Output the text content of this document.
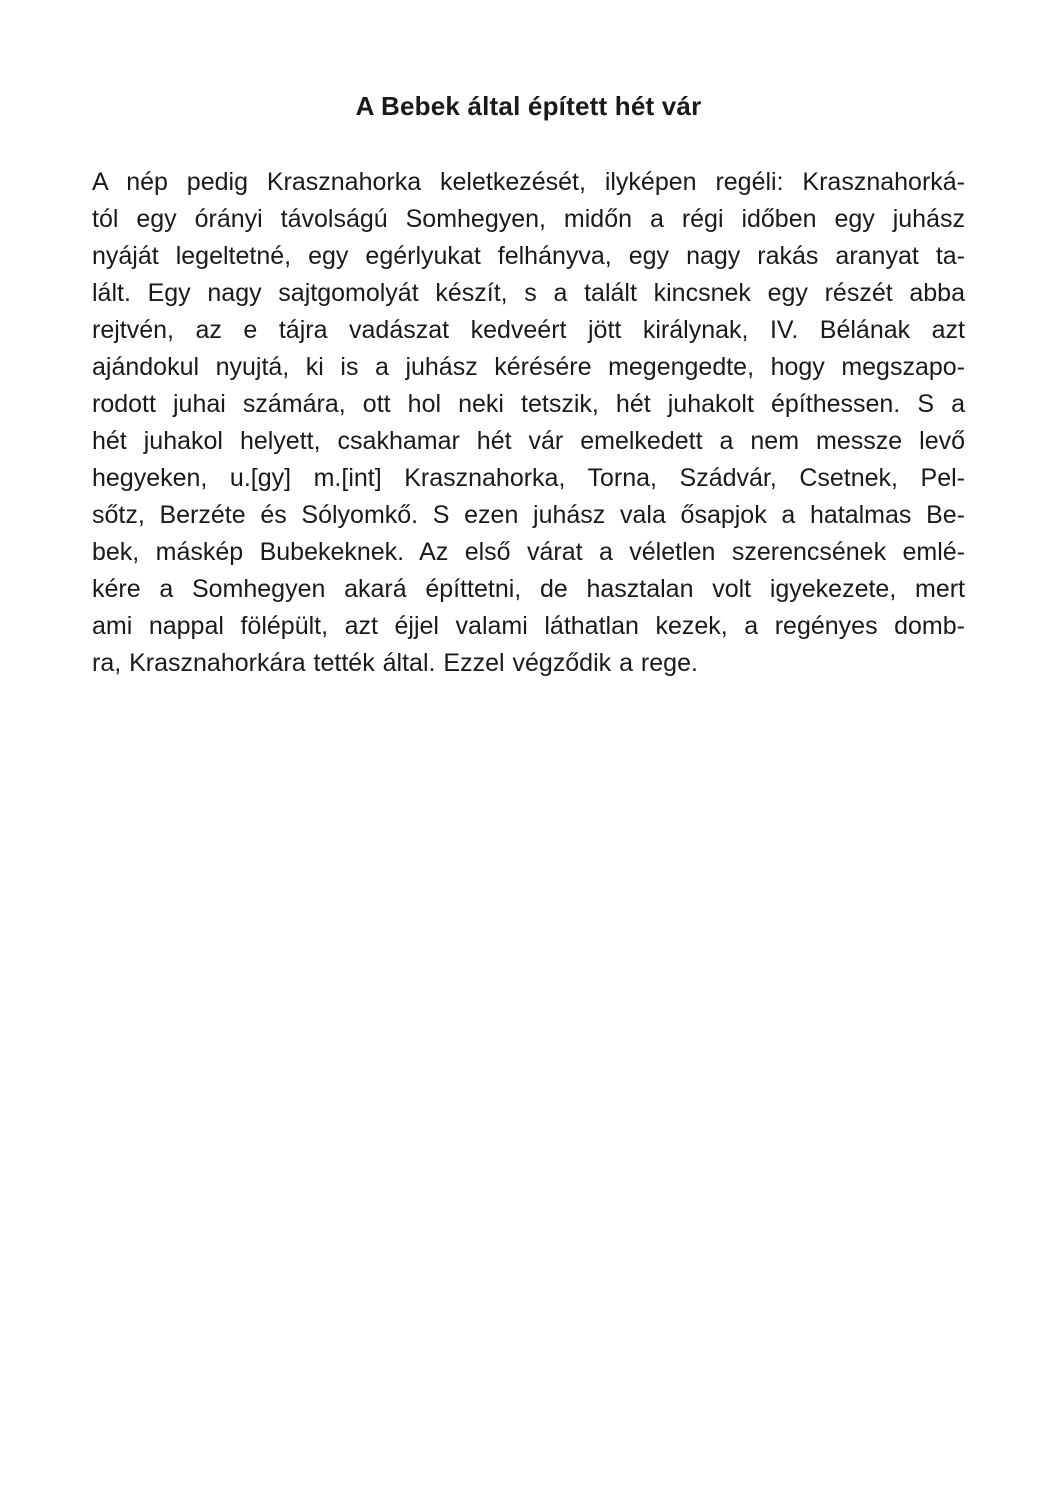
A Bebek által épített hét vár
A nép pedig Krasznahorka keletkezését, ilyképen regéli: Krasznahorká-
tól egy órányi távolságú Somhegyen, midőn a régi időben egy juhász
nyáját legeltetné, egy egérlyukat felhányva, egy nagy rakás aranyat ta-
lált. Egy nagy sajtgomolyát készít, s a talált kincsnek egy részét abba
rejtvén, az e tájra vadászat kedveért jött királynak, IV. Bélának azt
ajándokul nyujtá, ki is a juhász kérésére megengedte, hogy megszapo-
rodott juhai számára, ott hol neki tetszik, hét juhakolt építhessen. S a
hét juhakol helyett, csakhamar hét vár emelkedett a nem messze levő
hegyeken, u.[gy] m.[int] Krasznahorka, Torna, Szádvár, Csetnek, Pel-
sőtz, Berzéte és Sólyomkő. S ezen juhász vala ősapjok a hatalmas Be-
bek, máskép Bubekeknek. Az első várat a véletlen szerencsének emlé-
kére a Somhegyen akará építtetni, de hasztalan volt igyekezete, mert
ami nappal fölépült, azt éjjel valami láthatlan kezek, a regényes domb-
ra, Krasznahorkára tették által. Ezzel végződik a rege.
